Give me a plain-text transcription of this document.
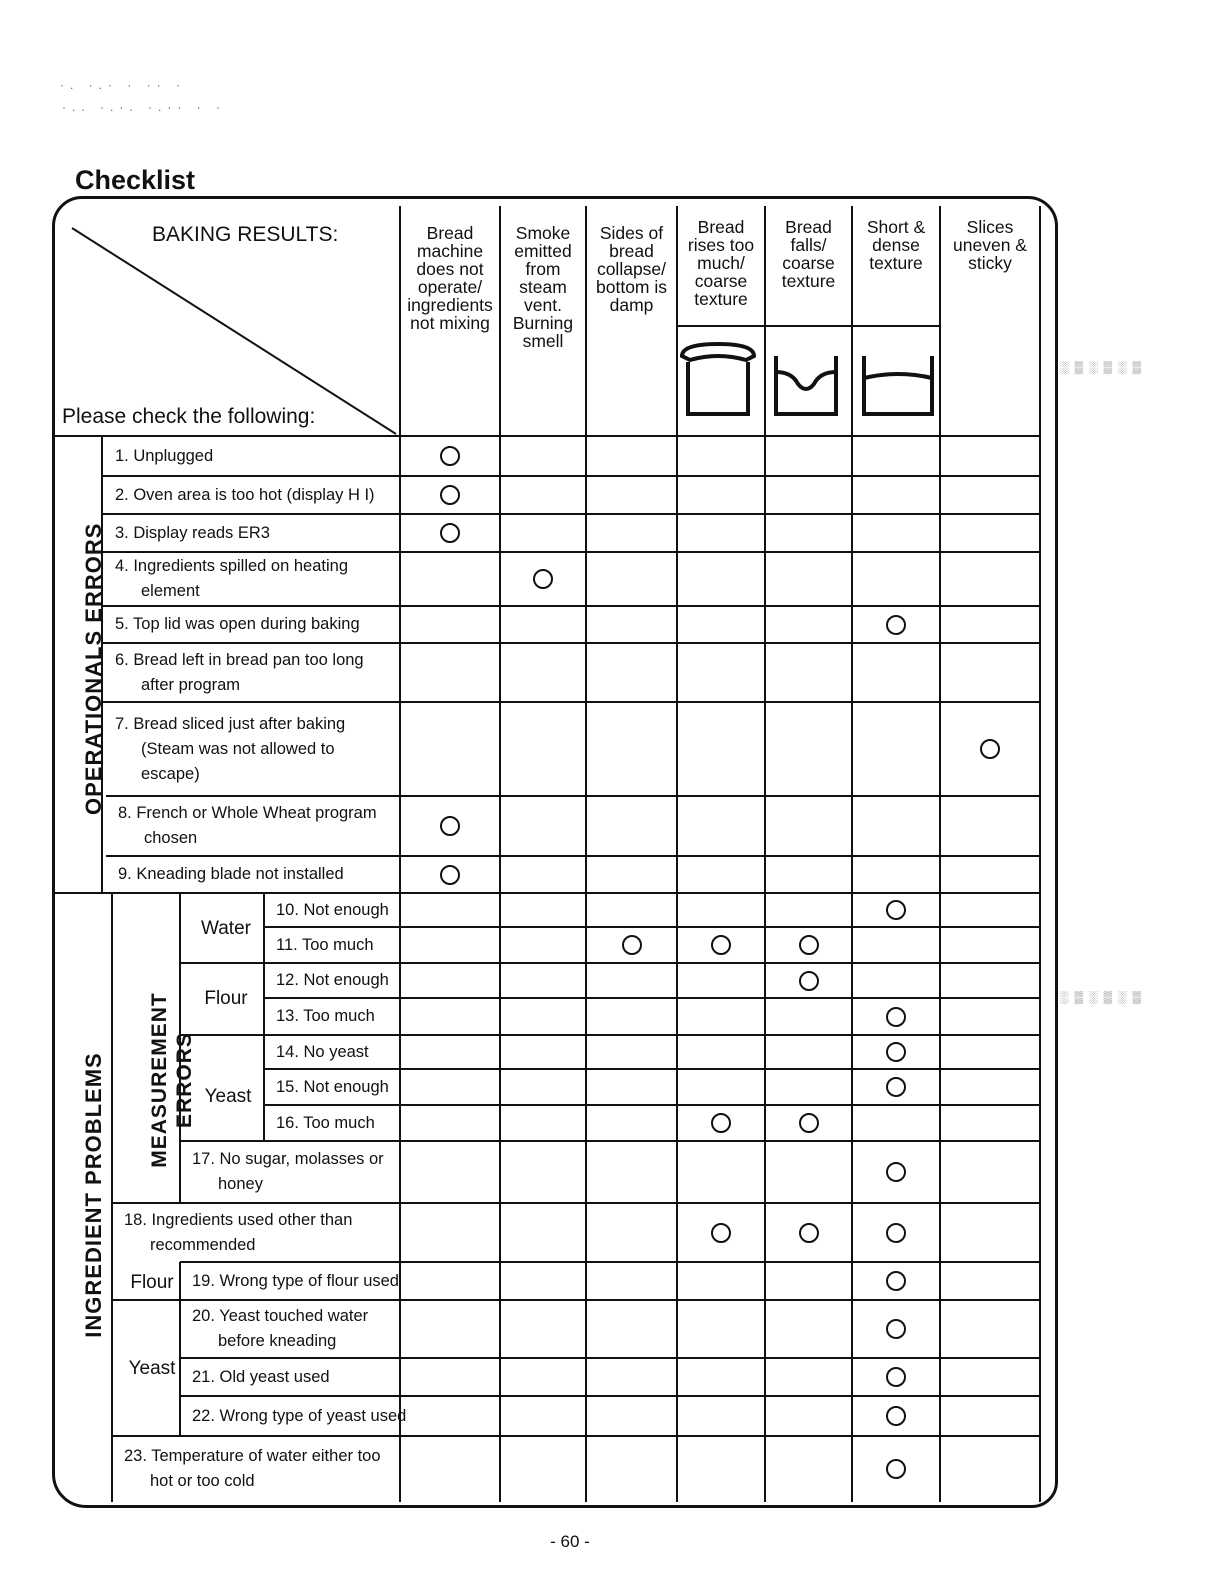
Checklist
·. ·.· · ·· ·
·.. ·.·. ·.·· · ·
░▒░▒░▒
░▒░▒░▒
BAKING RESULTS:
Please check the following:
Bread
machine
does not
operate/
ingredients
not mixing
Smoke
emitted
from
steam
vent.
Burning
smell
Sides of
bread
collapse/
bottom is
damp
Bread
rises too
much/
coarse
texture
Bread
falls/
coarse
texture
Short &
dense
texture
Slices
uneven &
sticky
OPERATIONALS ERRORS
INGREDIENT PROBLEMS MEASUREMENT ERRORS
Water
Flour
Yeast
Flour
Yeast
1. Unplugged
2. Oven area is too hot (display H I)
3. Display reads ER3
4. Ingredients spilled on heating
element
5. Top lid was open during baking
6. Bread left in bread pan too long
after program
7. Bread sliced just after baking
(Steam was not allowed to
escape)
8. French or Whole Wheat program
chosen
9. Kneading blade not installed
10. Not enough
11. Too much
12. Not enough
13. Too much
14. No yeast
15. Not enough
16. Too much
17. No sugar, molasses or
honey
18. Ingredients used other than
recommended
19. Wrong type of flour used
20. Yeast touched water
before kneading
21. Old yeast used
22. Wrong type of yeast used
23. Temperature of water either too
hot or too cold
- 60 -
